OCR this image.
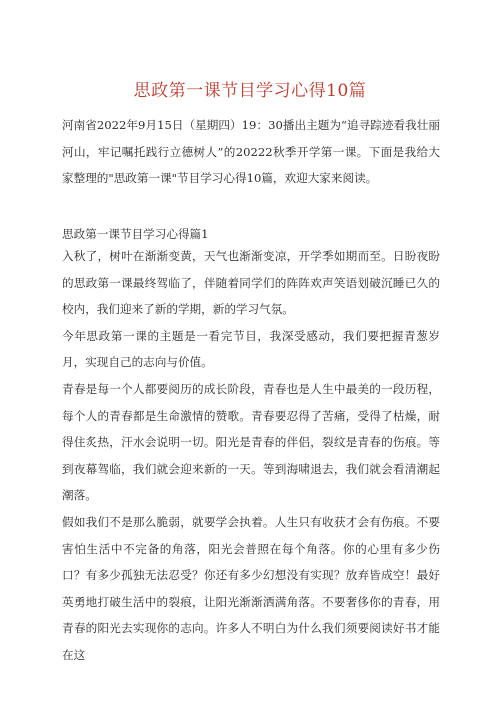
思政第一课节目学习心得10篇
河南省2022年9月15日（星期四）19：30播出主题为“追寻踪迹看我壮丽河山，牢记嘱托践行立德树人”的20222秋季开学第一课。下面是我给大家整理的"思政第一课"节目学习心得10篇，欢迎大家来阅读。
思政第一课节目学习心得篇1

入秋了，树叶在渐渐变黄，天气也渐渐变凉，开学季如期而至。日盼夜盼的思政第一课最终驾临了，伴随着同学们的阵阵欢声笑语划破沉睡已久的校内，我们迎来了新的学期，新的学习气氛。

今年思政第一课的主题是一看完节目，我深受感动，我们要把握青葱岁月，实现自己的志向与价值。

青春是每一个人都要阅历的成长阶段，青春也是人生中最美的一段历程，每个人的青春都是生命激情的赞歌。青春要忍得了苦痛，受得了枯燥，耐得住炙热，汗水会说明一切。阳光是青春的伴侣，裂纹是青春的伤痕。等到夜幕驾临，我们就会迎来新的一天。等到海啸退去，我们就会看清潮起潮落。

假如我们不是那么脆弱，就要学会执着。人生只有收获才会有伤痕。不要害怕生活中不完备的角落，阳光会普照在每个角落。你的心里有多少伤口？有多少孤独无法忍受？你还有多少幻想没有实现？放弃皆成空！最好英勇地打破生活中的裂痕，让阳光渐渐洒满角落。不要奢侈你的青春，用青春的阳光去实现你的志向。许多人不明白为什么我们须要阅读好书才能在这
